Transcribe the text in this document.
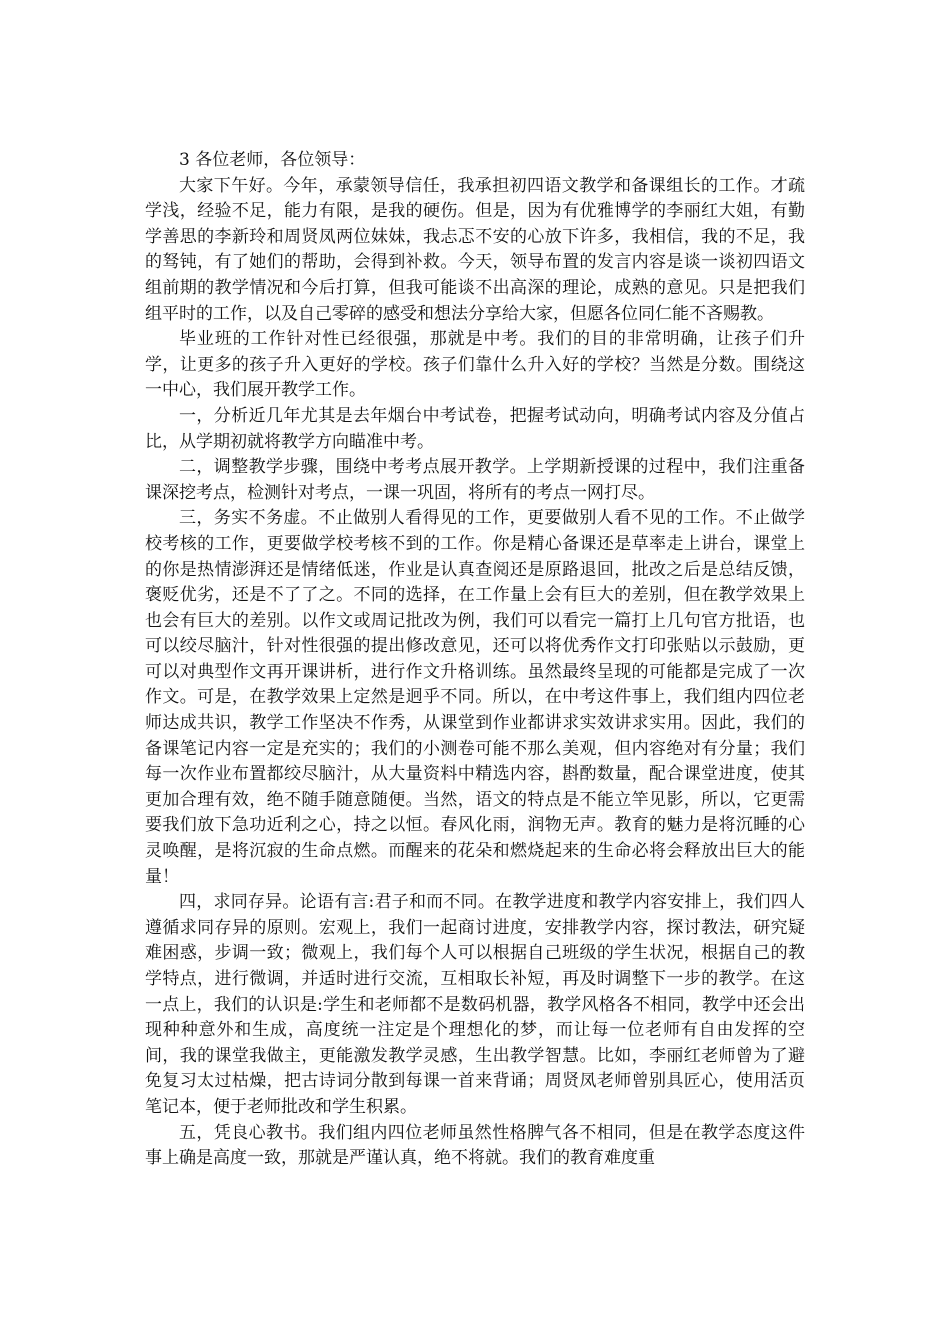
3 各位老师，各位领导：

大家下午好。今年，承蒙领导信任，我承担初四语文教学和备课组长的工作。才疏学浅，经验不足，能力有限，是我的硬伤。但是，因为有优雅博学的李丽红大姐，有勤学善思的李新玲和周贤凤两位妹妹，我忐忑不安的心放下许多，我相信，我的不足，我的驽钝，有了她们的帮助，会得到补救。今天，领导布置的发言内容是谈一谈初四语文组前期的教学情况和今后打算，但我可能谈不出高深的理论，成熟的意见。只是把我们组平时的工作，以及自己零碎的感受和想法分享给大家，但愿各位同仁能不吝赐教。

毕业班的工作针对性已经很强，那就是中考。我们的目的非常明确，让孩子们升学，让更多的孩子升入更好的学校。孩子们靠什么升入好的学校？当然是分数。围绕这一中心，我们展开教学工作。

一，分析近几年尤其是去年烟台中考试卷，把握考试动向，明确考试内容及分值占比，从学期初就将教学方向瞄准中考。

二，调整教学步骤，围绕中考考点展开教学。上学期新授课的过程中，我们注重备课深挖考点，检测针对考点，一课一巩固，将所有的考点一网打尽。

三，务实不务虚。不止做别人看得见的工作，更要做别人看不见的工作。不止做学校考核的工作，更要做学校考核不到的工作。你是精心备课还是草率走上讲台，课堂上的你是热情澎湃还是情绪低迷，作业是认真查阅还是原路退回，批改之后是总结反馈，褒贬优劣，还是不了了之。不同的选择，在工作量上会有巨大的差别，但在教学效果上也会有巨大的差别。以作文或周记批改为例，我们可以看完一篇打上几句官方批语，也可以绞尽脑汁，针对性很强的提出修改意见，还可以将优秀作文打印张贴以示鼓励，更可以对典型作文再开课讲析，进行作文升格训练。虽然最终呈现的可能都是完成了一次作文。可是，在教学效果上定然是迥乎不同。所以，在中考这件事上，我们组内四位老师达成共识，教学工作坚决不作秀，从课堂到作业都讲求实效讲求实用。因此，我们的备课笔记内容一定是充实的；我们的小测卷可能不那么美观，但内容绝对有分量；我们每一次作业布置都绞尽脑汁，从大量资料中精选内容，斟酌数量，配合课堂进度，使其更加合理有效，绝不随手随意随便。当然，语文的特点是不能立竿见影，所以，它更需要我们放下急功近利之心，持之以恒。春风化雨，润物无声。教育的魅力是将沉睡的心灵唤醒，是将沉寂的生命点燃。而醒来的花朵和燃烧起来的生命必将会释放出巨大的能量！

四，求同存异。论语有言:君子和而不同。在教学进度和教学内容安排上，我们四人遵循求同存异的原则。宏观上，我们一起商讨进度，安排教学内容，探讨教法，研究疑难困惑，步调一致；微观上，我们每个人可以根据自己班级的学生状况，根据自己的教学特点，进行微调，并适时进行交流，互相取长补短，再及时调整下一步的教学。在这一点上，我们的认识是:学生和老师都不是数码机器，教学风格各不相同，教学中还会出现种种意外和生成，高度统一注定是个理想化的梦，而让每一位老师有自由发挥的空间，我的课堂我做主，更能激发教学灵感，生出教学智慧。比如，李丽红老师曾为了避免复习太过枯燥，把古诗词分散到每课一首来背诵；周贤凤老师曾别具匠心，使用活页笔记本，便于老师批改和学生积累。

五，凭良心教书。我们组内四位老师虽然性格脾气各不相同，但是在教学态度这件事上确是高度一致，那就是严谨认真，绝不将就。我们的教育难度重
